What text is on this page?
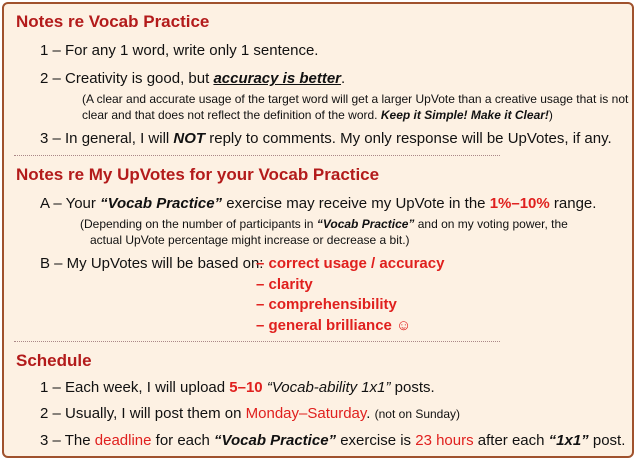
Notes re Vocab Practice
1 – For any 1 word, write only 1 sentence.
2 – Creativity is good, but accuracy is better.
(A clear and accurate usage of the target word will get a larger UpVote than a creative usage that is not
clear and that does not reflect the definition of the word. Keep it Simple! Make it Clear!)
3 – In general, I will NOT reply to comments. My only response will be UpVotes, if any.
Notes re My UpVotes for your Vocab Practice
A – Your “Vocab Practice” exercise may receive my UpVote in the 1%–10% range.
(Depending on the number of participants in “Vocab Practice” and on my voting power, the
actual UpVote percentage might increase or decrease a bit.)
B – My UpVotes will be based on:
– correct usage / accuracy
– clarity
– comprehensibility
– general brilliance ☺
Schedule
1 – Each week, I will upload 5–10 “Vocab-ability 1x1” posts.
2 – Usually, I will post them on Monday–Saturday. (not on Sunday)
3 – The deadline for each “Vocab Practice” exercise is 23 hours after each “1x1” post.
